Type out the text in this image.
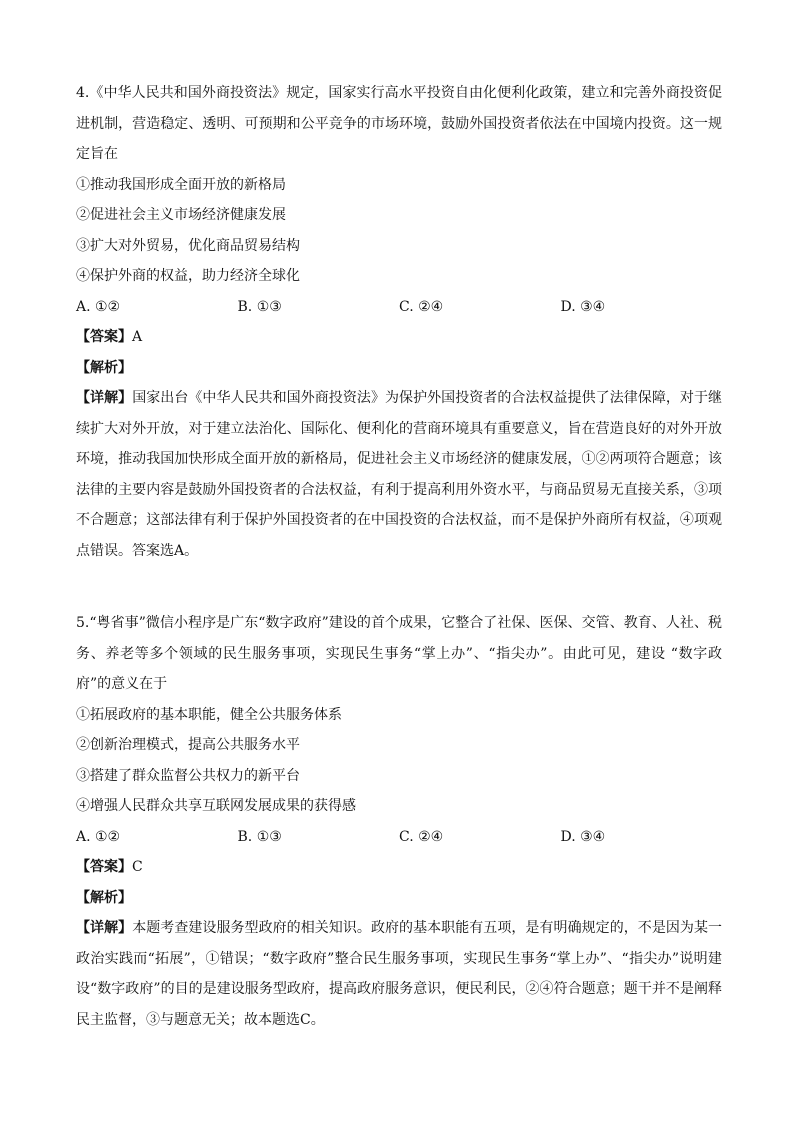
4.《中华人民共和国外商投资法》规定，国家实行高水平投资自由化便利化政策，建立和完善外商投资促进机制，营造稳定、透明、可预期和公平竞争的市场环境，鼓励外国投资者依法在中国境内投资。这一规定旨在
①推动我国形成全面开放的新格局
②促进社会主义市场经济健康发展
③扩大对外贸易，优化商品贸易结构
④保护外商的权益，助力经济全球化
A. ①②	B. ①③	C. ②④	D. ③④
【答案】A
【解析】
【详解】国家出台《中华人民共和国外商投资法》为保护外国投资者的合法权益提供了法律保障，对于继续扩大对外开放，对于建立法治化、国际化、便利化的营商环境具有重要意义，旨在营造良好的对外开放环境，推动我国加快形成全面开放的新格局，促进社会主义市场经济的健康发展，①②两项符合题意；该法律的主要内容是鼓励外国投资者的合法权益，有利于提高利用外资水平，与商品贸易无直接关系，③项不合题意；这部法律有利于保护外国投资者的在中国投资的合法权益，而不是保护外商所有权益，④项观点错误。答案选A。
5.“粤省事”微信小程序是广东“数字政府”建设的首个成果，它整合了社保、医保、交管、教育、人社、税务、养老等多个领域的民生服务事项，实现民生事务“掌上办”、“指尖办”。由此可见，建设 “数字政府”的意义在于
①拓展政府的基本职能，健全公共服务体系
②创新治理模式，提高公共服务水平
③搭建了群众监督公共权力的新平台
④增强人民群众共享互联网发展成果的获得感
A. ①②	B. ①③	C. ②④	D. ③④
【答案】C
【解析】
【详解】本题考查建设服务型政府的相关知识。政府的基本职能有五项，是有明确规定的，不是因为某一政治实践而“拓展”，①错误；“数字政府”整合民生服务事项，实现民生事务“掌上办”、“指尖办”说明建设“数字政府”的目的是建设服务型政府，提高政府服务意识，便民利民，②④符合题意；题干并不是阐释民主监督，③与题意无关；故本题选C。
